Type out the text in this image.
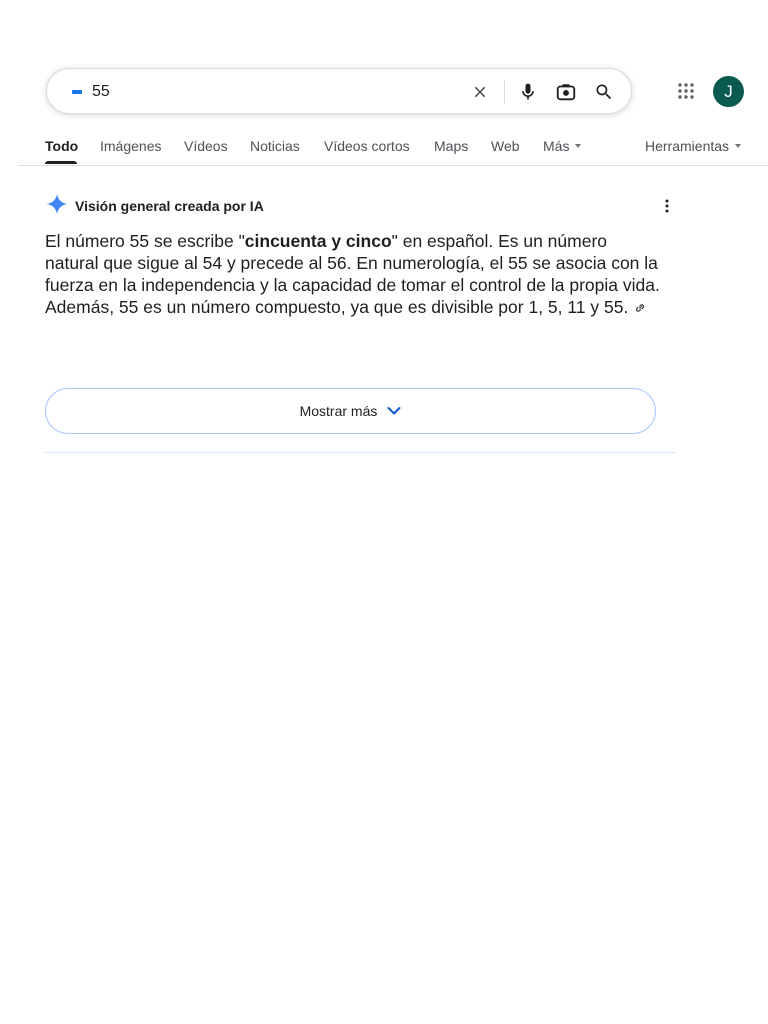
55	J
Todo Imágenes Vídeos Noticias Vídeos cortos Maps Web Más	Herramientas
Visión general creada por IA
El número 55 se escribe "cincuenta y cinco" en español. Es un número natural que sigue al 54 y precede al 56. En numerología, el 55 se asocia con la fuerza en la independencia y la capacidad de tomar el control de la propia vida. Además, 55 es un número compuesto, ya que es divisible por 1, 5, 11 y 55.
Mostrar más
